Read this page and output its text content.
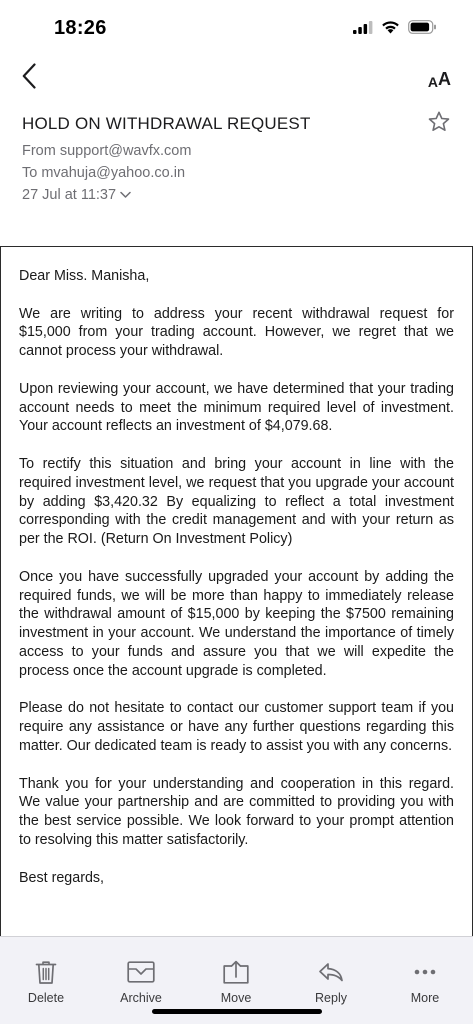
18:26
A A
HOLD ON WITHDRAWAL REQUEST
From support@wavfx.com
To mvahuja@yahoo.co.in
27 Jul at 11:37

Dear Miss. Manisha,

We are writing to address your recent withdrawal request for $15,000 from your trading account. However, we regret that we cannot process your withdrawal.

Upon reviewing your account, we have determined that your trading account needs to meet the minimum required level of investment. Your account reflects an investment of $4,079.68.

To rectify this situation and bring your account in line with the required investment level, we request that you upgrade your account by adding $3,420.32 By equalizing to reflect a total investment corresponding with the credit management and with your return as per the ROI. (Return On Investment Policy)

Once you have successfully upgraded your account by adding the required funds, we will be more than happy to immediately release the withdrawal amount of $15,000 by keeping the $7500 remaining investment in your account. We understand the importance of timely access to your funds and assure you that we will expedite the process once the account upgrade is completed.

Please do not hesitate to contact our customer support team if you require any assistance or have any further questions regarding this matter. Our dedicated team is ready to assist you with any concerns.

Thank you for your understanding and cooperation in this regard. We value your partnership and are committed to providing you with the best service possible. We look forward to your prompt attention to resolving this matter satisfactorily.

Best regards,

Delete	Archive	Move	Reply	More
